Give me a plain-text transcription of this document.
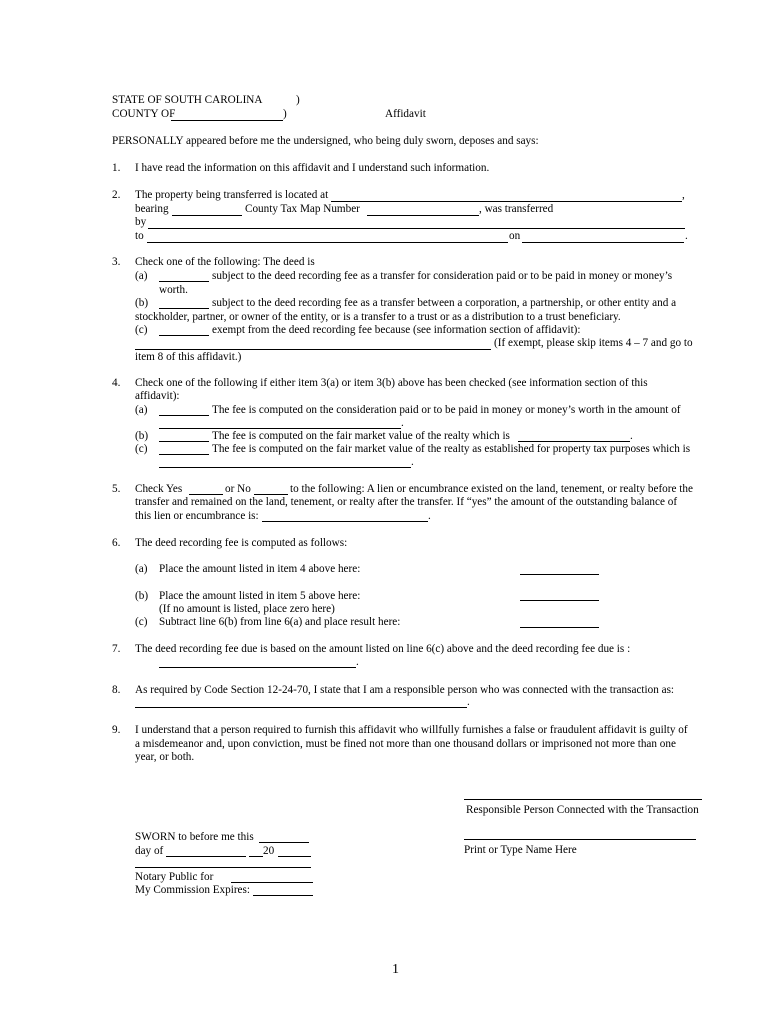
STATE OF SOUTH CAROLINA	)
COUNTY OF	)	Affidavit
PERSONALLY appeared before me the undersigned, who being duly sworn, deposes and says:
1. I have read the information on this affidavit and I understand such information.
2. The property being transferred is located at	,
bearing	County Tax Map Number	, was transferred
by
to	on	.
3. Check one of the following: The deed is
(a)	subject to the deed recording fee as a transfer for consideration paid or to be paid in money or money’s
worth.
(b)	subject to the deed recording fee as a transfer between a corporation, a partnership, or other entity and a
stockholder, partner, or owner of the entity, or is a transfer to a trust or as a distribution to a trust beneficiary.
(c)	exempt from the deed recording fee because (see information section of affidavit):
(If exempt, please skip items 4 – 7 and go to
item 8 of this affidavit.)
4. Check one of the following if either item 3(a) or item 3(b) above has been checked (see information section of this
affidavit):
(a)	The fee is computed on the consideration paid or to be paid in money or money’s worth in the amount of
.
(b)	The fee is computed on the fair market value of the realty which is	.
(c)	The fee is computed on the fair market value of the realty as established for property tax purposes which is
.
5. Check Yes	or No	to the following: A lien or encumbrance existed on the land, tenement, or realty before the
transfer and remained on the land, tenement, or realty after the transfer. If “yes” the amount of the outstanding balance of
this lien or encumbrance is:	.
6. The deed recording fee is computed as follows:
(a) Place the amount listed in item 4 above here:
(b) Place the amount listed in item 5 above here:
(If no amount is listed, place zero here)
(c) Subtract line 6(b) from line 6(a) and place result here:
7. The deed recording fee due is based on the amount listed on line 6(c) above and the deed recording fee due is :
.
8. As required by Code Section 12-24-70, I state that I am a responsible person who was connected with the transaction as:
.
9. I understand that a person required to furnish this affidavit who willfully furnishes a false or fraudulent affidavit is guilty of
a misdemeanor and, upon conviction, must be fined not more than one thousand dollars or imprisoned not more than one
year, or both.
Responsible Person Connected with the Transaction
Print or Type Name Here
SWORN to before me this
day of	20
Notary Public for
My Commission Expires:
1
